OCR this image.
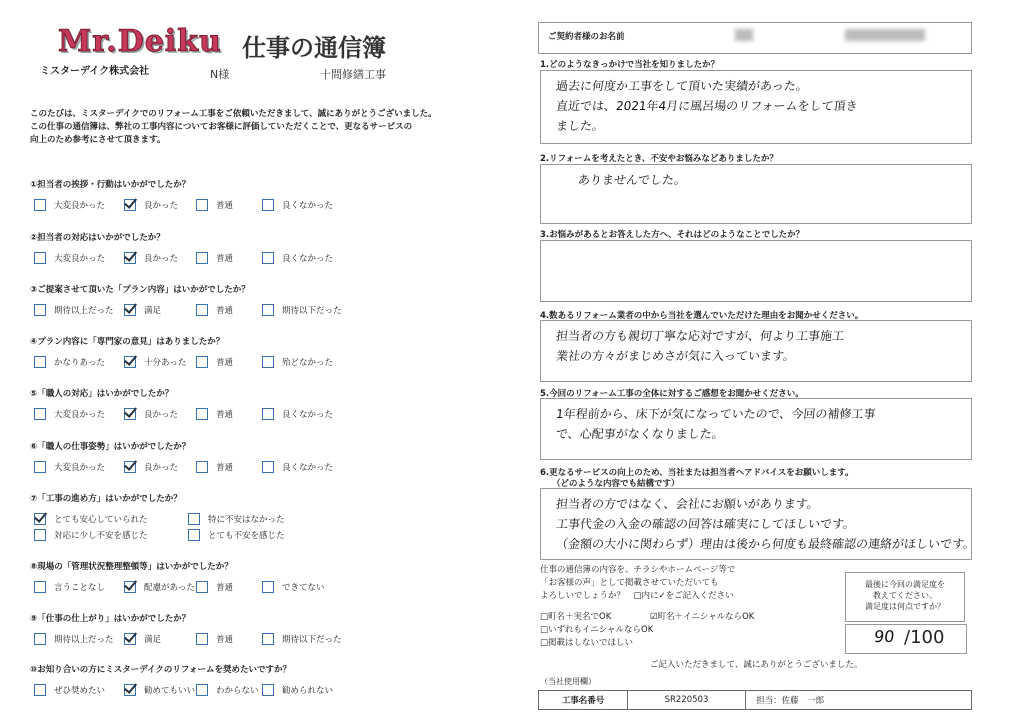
Mr.Deiku 仕事の通信簿
ミスターデイク株式会社	N様	十間修繕工事
このたびは、ミスターデイクでのリフォーム工事をご依頼いただきまして、誠にありがとうございました。
この仕事の通信簿は、弊社の工事内容についてお客様に評価していただくことで、更なるサービスの
向上のため参考にさせて頂きます。
①担当者の挨拶・行動はいかがでしたか？
大変良かった	良かった	普通	良くなかった
②担当者の対応はいかがでしたか？
大変良かった	良かった	普通	良くなかった
③ご提案させて頂いた「プラン内容」はいかがでしたか？
期待以上だった	満足	普通	期待以下だった
④プラン内容に「専門家の意見」はありましたか？
かなりあった	十分あった	普通	殆どなかった
⑤「職人の対応」はいかがでしたか？
大変良かった	良かった	普通	良くなかった
⑥「職人の仕事姿勢」はいかがでしたか？
大変良かった	良かった	普通	良くなかった
⑦「工事の進め方」はいかがでしたか？
とても安心していられた	特に不安はなかった
対応に少し不安を感じた	とても不安を感じた
⑧現場の「管理状況整理整頓等」はいかがでしたか？
言うことなし	配慮があった 普通	できてない
⑨「仕事の仕上がり」はいかがでしたか？
期待以上だった	満足	普通	期待以下だった
⑩お知り合いの方にミスターデイクのリフォームを奨めたいですか？
ぜひ奨めたい	勧めてもいい わからない	勧められない
ご契約者様のお名前
1.どのようなきっかけで当社を知りましたか？
過去に何度か工事をして頂いた実績があった。
直近では、2021年4月に風呂場のリフォームをして頂き
ました。
2.リフォームを考えたとき、不安やお悩みなどありましたか？
ありませんでした。
3.お悩みがあるとお答えした方へ、それはどのようなことでしたか？
4.数あるリフォーム業者の中から当社を選んでいただけた理由をお聞かせください。
担当者の方も親切丁寧な応対ですが、何より工事施工
業社の方々がまじめさが気に入っています。
5.今回のリフォーム工事の全体に対するご感想をお聞かせください。
1年程前から、床下が気になっていたので、今回の補修工事
で、心配事がなくなりました。
6.更なるサービスの向上のため、当社または担当者へアドバイスをお願いします。
（どのような内容でも結構です）
担当者の方ではなく、会社にお願いがあります。
工事代金の入金の確認の回答は確実にしてほしいです。
（金額の大小に関わらず）理由は後から何度も最終確認の連絡がほしいです。
仕事の通信簿の内容を、チラシやホームページ等で
「お客様の声」として掲載させていただいても
よろしいでしょうか？　□内に✓をご記入ください
□町名＋実名でOK	☑町名＋イニシャルならOK
□いずれもイニシャルならOK
□掲載はしないでほしい
最後に今回の満足度を
教えてください。
満足度は何点ですか？
90 /100
ご記入いただきまして、誠にありがとうございました。
（当社使用欄）
工事名番号	SR220503	担当：佐藤　一郎
